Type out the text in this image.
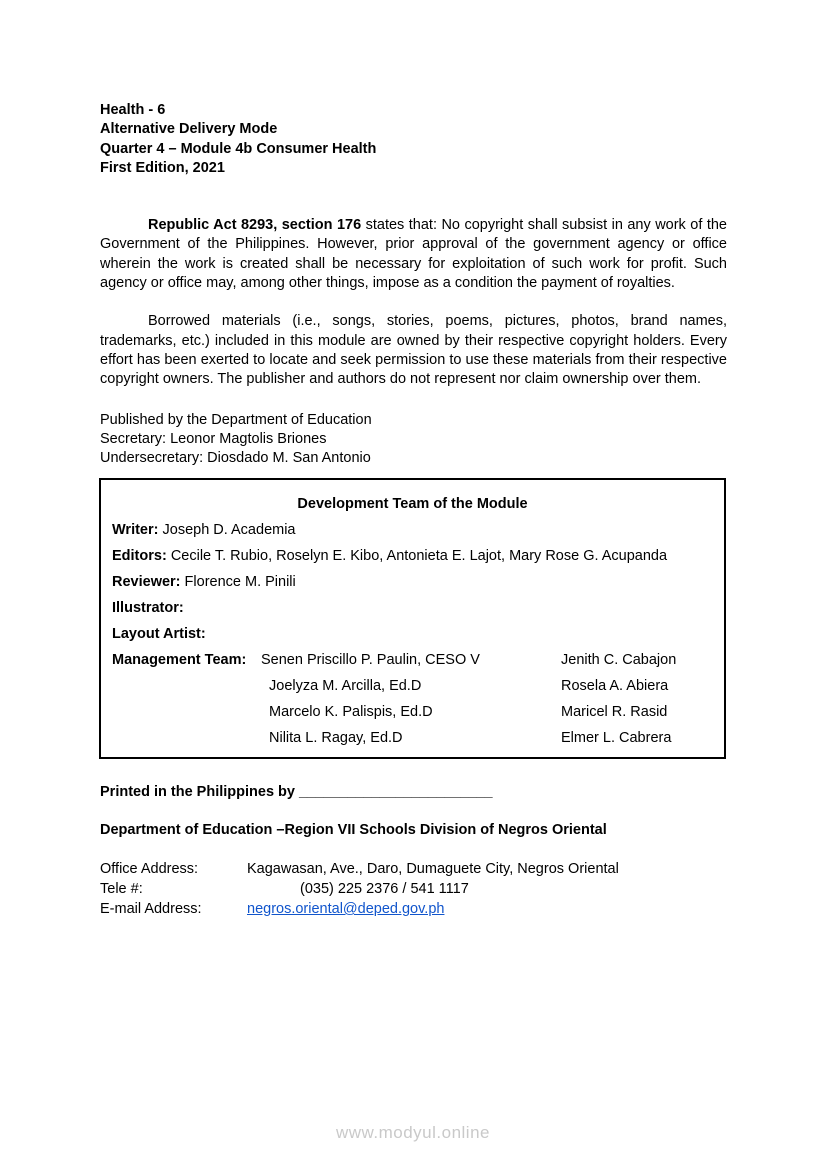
Health - 6
Alternative Delivery Mode
Quarter 4 – Module 4b Consumer Health
First Edition, 2021

Republic Act 8293, section 176 states that: No copyright shall subsist in any work of the Government of the Philippines. However, prior approval of the government agency or office wherein the work is created shall be necessary for exploitation of such work for profit. Such agency or office may, among other things, impose as a condition the payment of royalties.

Borrowed materials (i.e., songs, stories, poems, pictures, photos, brand names, trademarks, etc.) included in this module are owned by their respective copyright holders. Every effort has been exerted to locate and seek permission to use these materials from their respective copyright owners. The publisher and authors do not represent nor claim ownership over them.

Published by the Department of Education
Secretary: Leonor Magtolis Briones
Undersecretary: Diosdado M. San Antonio
Development Team of the Module
Writer: Joseph D. Academia
Editors: Cecile T. Rubio, Roselyn E. Kibo, Antonieta E. Lajot, Mary Rose G. Acupanda
Reviewer: Florence M. Pinili
Illustrator:
Layout Artist:
Management Team: Senen Priscillo P. Paulin, CESO V	Jenith C. Cabajon
Joelyza M. Arcilla, Ed.D	Rosela A. Abiera
Marcelo K. Palispis, Ed.D	Maricel R. Rasid
Nilita L. Ragay, Ed.D	Elmer L. Cabrera
Printed in the Philippines by ________________________
Department of Education –Region VII Schools Division of Negros Oriental
Office Address:	Kagawasan, Ave., Daro, Dumaguete City, Negros Oriental
Tele #:	(035) 225 2376 / 541 1117
E-mail Address:	negros.oriental@deped.gov.ph
www.modyul.online
